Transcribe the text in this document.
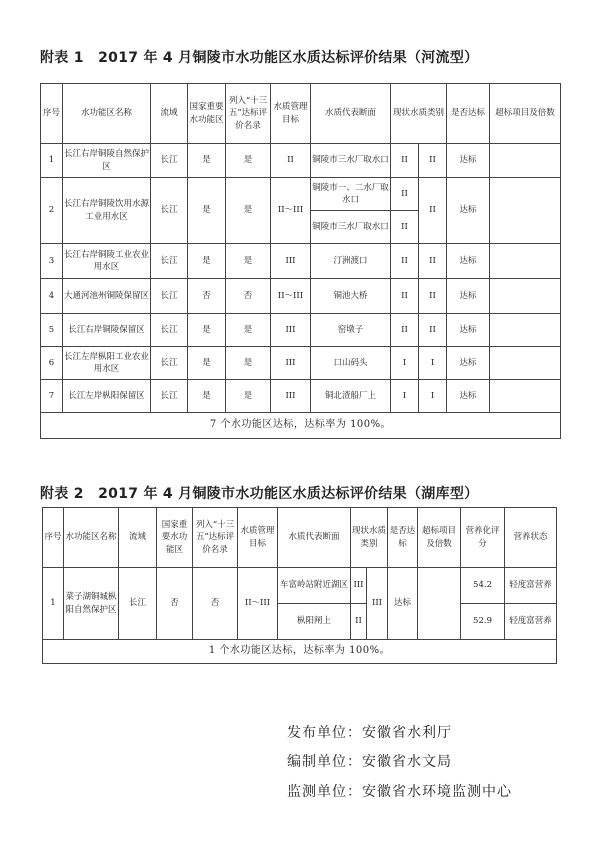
附表 1　2017 年 4 月铜陵市水功能区水质达标评价结果（河流型）
序号	水功能区名称	流域	国家重要水功能区	列入“十三五”达标评价名录	水质管理目标	水质代表断面	现状水质类别		是否达标	超标项目及倍数
1	长江右岸铜陵自然保护区	长江	是	是	II	铜陵市三水厂取水口	II	II	达标	
2	长江右岸铜陵饮用水源工业用水区	长江	是	是	II～III	铜陵市一、二水厂取水口	II	II	达标	
						铜陵市三水厂取水口	II			
3	长江右岸铜陵工业农业用水区	长江	是	是	III	汀洲渡口	II	II	达标	
4	大通河池州铜陵保留区	长江	否	否	II～III	铜池大桥	II	II	达标	
5	长江右岸铜陵保留区	长江	是	是	III	窑墩子	II	II	达标	
6	长江左岸枞阳工业农业用水区	长江	是	是	III	口山码头	I	I	达标	
7	长江左岸枞阳保留区	长江	是	是	III	铜北渣船厂上	I	I	达标	
7 个水功能区达标，达标率为 100%。										
附表 2　2017 年 4 月铜陵市水功能区水质达标评价结果（湖库型）
序号	水功能区名称	流域	国家重要水功能区	列入“十三五”达标评价名录	水质管理目标	水质代表断面	现状水质类别		是否达标	超标项目及倍数	营养化评分	营养状态
1	菜子湖铜城枞阳自然保护区	长江	否	否	II～III	车富岭站附近湖区	III	III	达标		54.2	轻度富营养
						枞阳闸上	II				52.9	轻度富营养
1 个水功能区达标，达标率为 100%。												
发布单位：安徽省水利厅
编制单位：安徽省水文局
监测单位：安徽省水环境监测中心
